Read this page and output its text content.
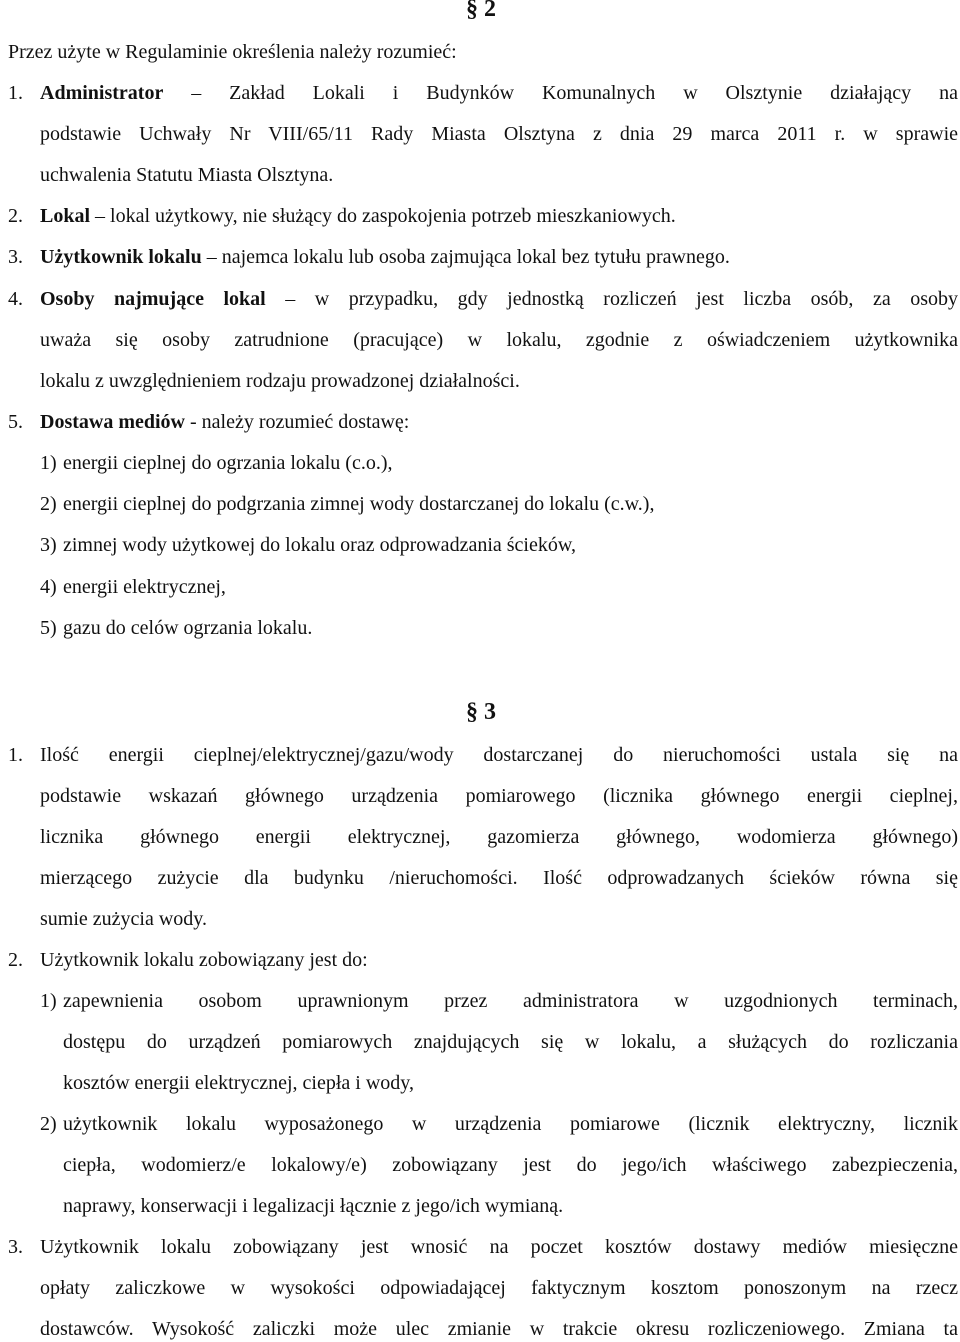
§ 2
Przez użyte w Regulaminie określenia należy rozumieć:
1. Administrator – Zakład Lokali i Budynków Komunalnych w Olsztynie działający na
podstawie Uchwały Nr VIII/65/11 Rady Miasta Olsztyna z dnia 29 marca 2011 r. w sprawie
uchwalenia Statutu Miasta Olsztyna.
2. Lokal – lokal użytkowy, nie służący do zaspokojenia potrzeb mieszkaniowych.
3. Użytkownik lokalu – najemca lokalu lub osoba zajmująca lokal bez tytułu prawnego.
4. Osoby najmujące lokal – w przypadku, gdy jednostką rozliczeń jest liczba osób, za osoby
uważa się osoby zatrudnione (pracujące) w lokalu, zgodnie z oświadczeniem użytkownika
lokalu z uwzględnieniem rodzaju prowadzonej działalności.
5. Dostawa mediów - należy rozumieć dostawę:
1) energii cieplnej do ogrzania lokalu (c.o.),
2) energii cieplnej do podgrzania zimnej wody dostarczanej do lokalu (c.w.),
3) zimnej wody użytkowej do lokalu oraz odprowadzania ścieków,
4) energii elektrycznej,
5) gazu do celów ogrzania lokalu.
§ 3
1. Ilość energii cieplnej/elektrycznej/gazu/wody dostarczanej do nieruchomości ustala się na
podstawie wskazań głównego urządzenia pomiarowego (licznika głównego energii cieplnej,
licznika głównego energii elektrycznej, gazomierza głównego, wodomierza głównego)
mierzącego zużycie dla budynku /nieruchomości. Ilość odprowadzanych ścieków równa się
sumie zużycia wody.
2. Użytkownik lokalu zobowiązany jest do:
1) zapewnienia osobom uprawnionym przez administratora w uzgodnionych terminach,
dostępu do urządzeń pomiarowych znajdujących się w lokalu, a służących do rozliczania
kosztów energii elektrycznej, ciepła i wody,
2) użytkownik lokalu wyposażonego w urządzenia pomiarowe (licznik elektryczny, licznik
ciepła, wodomierz/e lokalowy/e) zobowiązany jest do jego/ich właściwego zabezpieczenia,
naprawy, konserwacji i legalizacji łącznie z jego/ich wymianą.
3. Użytkownik lokalu zobowiązany jest wnosić na poczet kosztów dostawy mediów miesięczne
opłaty zaliczkowe w wysokości odpowiadającej faktycznym kosztom ponoszonym na rzecz
dostawców. Wysokość zaliczki może ulec zmianie w trakcie okresu rozliczeniowego. Zmiana ta
